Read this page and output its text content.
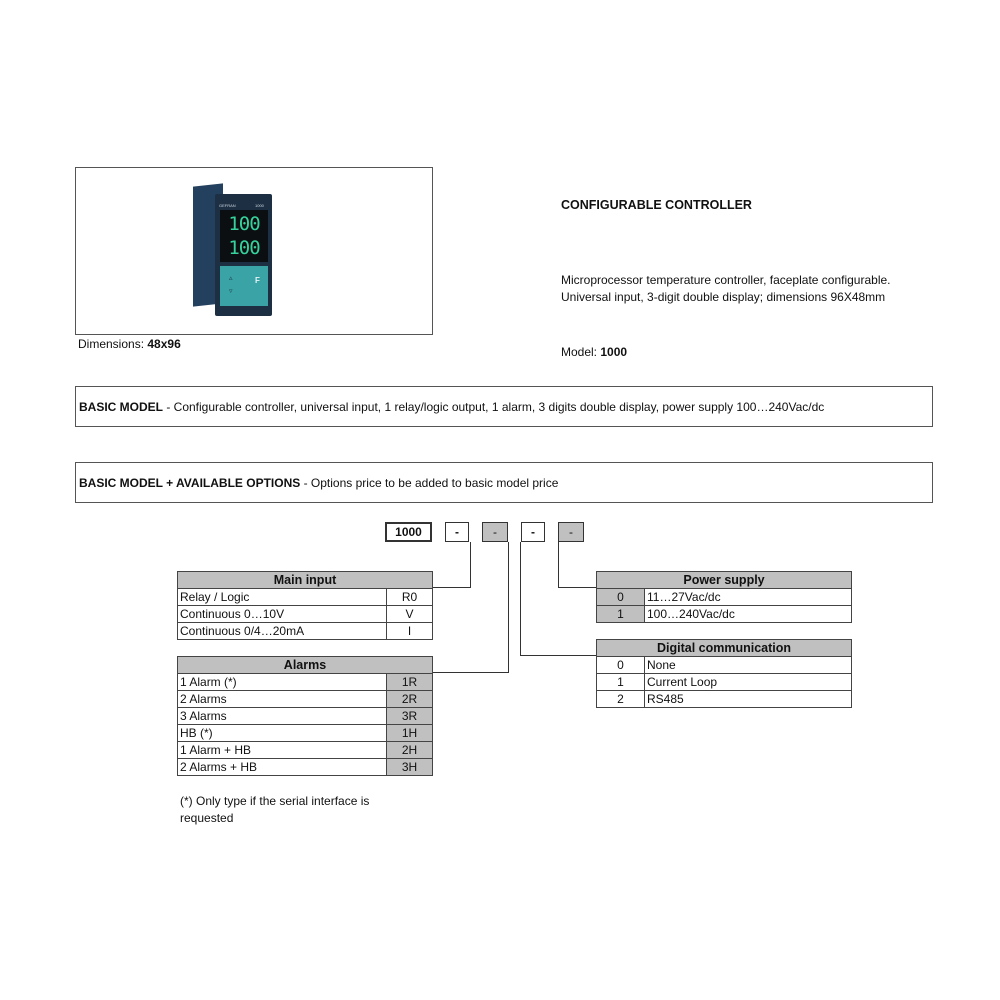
GEFRAN	1000
100
100
▵
▿
F
Dimensions: 48x96
CONFIGURABLE CONTROLLER
Microprocessor temperature controller, faceplate configurable.
Universal input, 3-digit double display; dimensions 96X48mm
Model: 1000
BASIC MODEL - Configurable controller, universal input, 1 relay/logic output, 1 alarm, 3 digits double display, power supply 100…240Vac/dc
BASIC MODEL + AVAILABLE OPTIONS - Options price to be added to basic model price
1000	-	-	-	-
Main input	
Relay / Logic	R0
Continuous 0…10V	V
Continuous 0/4…20mA	I
Alarms	
1 Alarm (*)	1R
2 Alarms	2R
3 Alarms	3R
HB (*)	1H
1 Alarm + HB	2H
2 Alarms + HB	3H
Power supply	
0	11…27Vac/dc
1	100…240Vac/dc
Digital communication	
0	None
1	Current Loop
2	RS485
(*) Only type if the serial interface is
requested
